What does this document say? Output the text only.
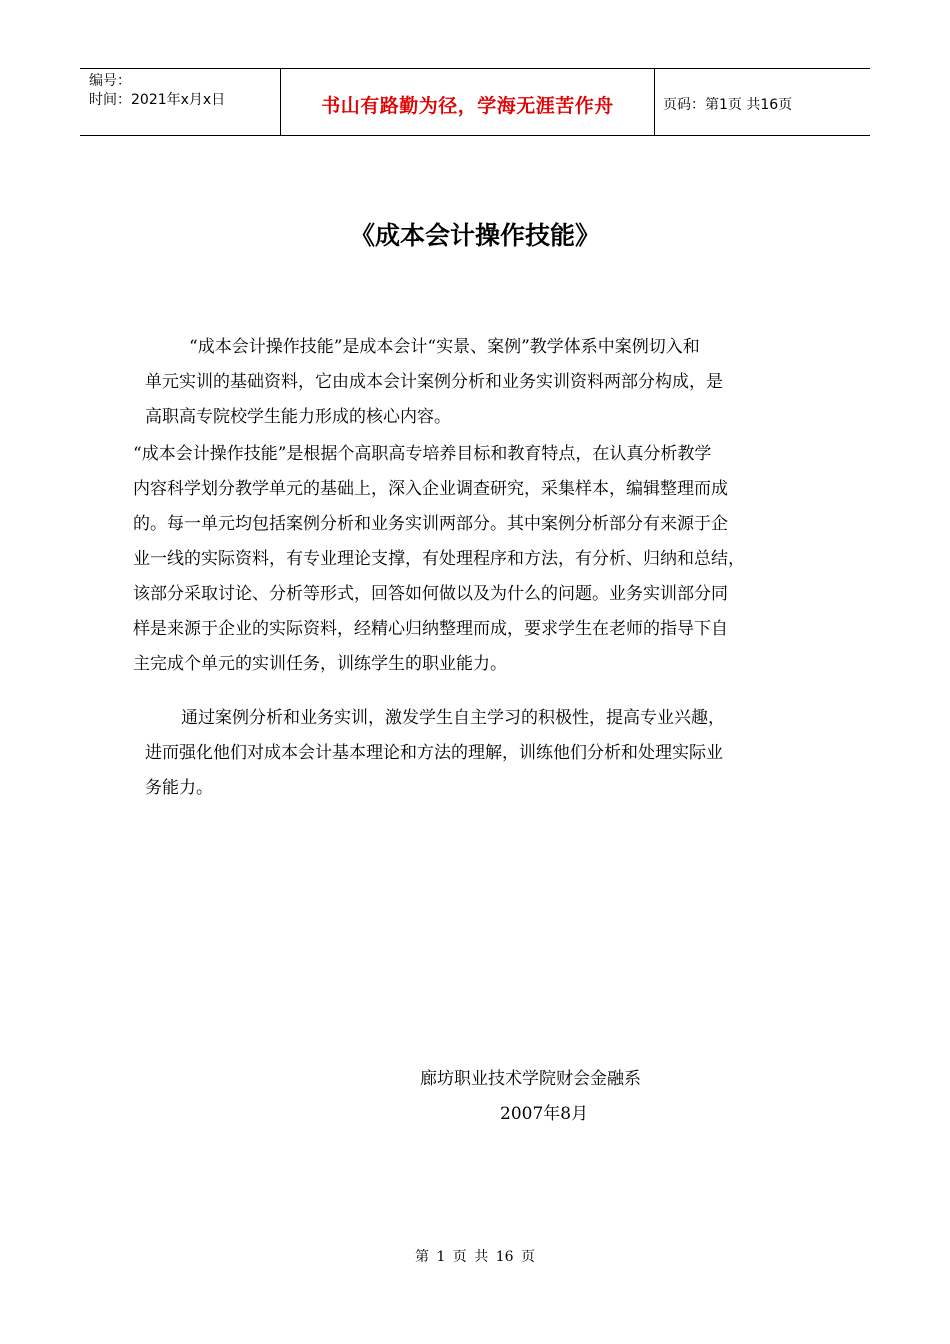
编号：
时间：2021年x月x日	书山有路勤为径，学海无涯苦作舟	页码：第1页 共16页
《成本会计操作技能》
“成本会计操作技能”是成本会计“实景、案例”教学体系中案例切入和
单元实训的基础资料，它由成本会计案例分析和业务实训资料两部分构成，是
高职高专院校学生能力形成的核心内容。
“成本会计操作技能”是根据个高职高专培养目标和教育特点，在认真分析教学
内容科学划分教学单元的基础上，深入企业调查研究，采集样本，编辑整理而成
的。每一单元均包括案例分析和业务实训两部分。其中案例分析部分有来源于企
业一线的实际资料，有专业理论支撑，有处理程序和方法，有分析、归纳和总结，
该部分采取讨论、分析等形式，回答如何做以及为什么的问题。业务实训部分同
样是来源于企业的实际资料，经精心归纳整理而成，要求学生在老师的指导下自
主完成个单元的实训任务，训练学生的职业能力。
通过案例分析和业务实训，激发学生自主学习的积极性，提高专业兴趣，
进而强化他们对成本会计基本理论和方法的理解，训练他们分析和处理实际业
务能力。
廊坊职业技术学院财会金融系
2007年8月
第 1 页 共 16 页
